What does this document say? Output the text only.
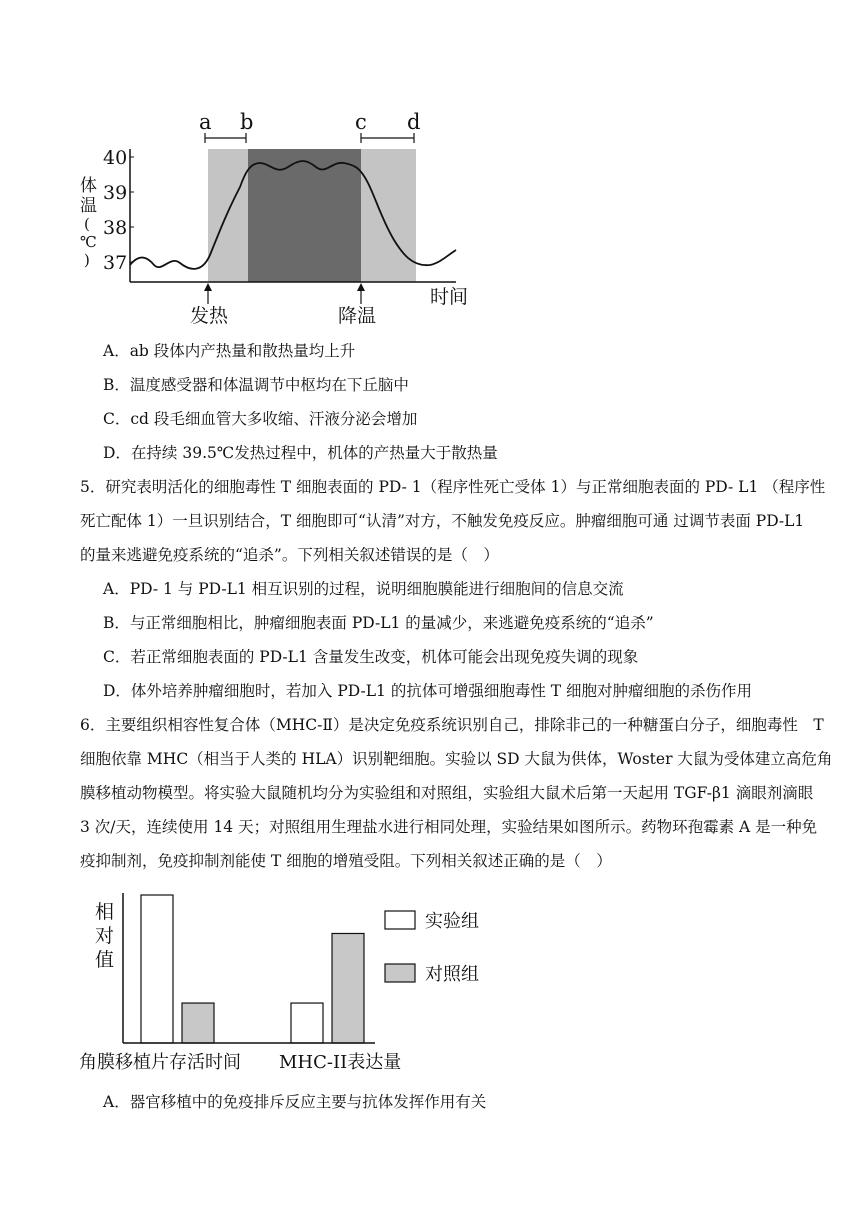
40
39
38
37
体
温
(
℃
)
a b	c d
发热	降温
时间
A．ab 段体内产热量和散热量均上升
B．温度感受器和体温调节中枢均在下丘脑中
C．cd 段毛细血管大多收缩、汗液分泌会增加
D．在持续 39.5℃发热过程中，机体的产热量大于散热量
5．研究表明活化的细胞毒性 T 细胞表面的 PD- 1（程序性死亡受体 1）与正常细胞表面的 PD- L1 （程序性
死亡配体 1）一旦识别结合，T 细胞即可“认清”对方，不触发免疫反应。肿瘤细胞可通 过调节表面 PD-L1
的量来逃避免疫系统的“追杀”。下列相关叙述错误的是（　）
A．PD- 1 与 PD-L1 相互识别的过程，说明细胞膜能进行细胞间的信息交流
B．与正常细胞相比，肿瘤细胞表面 PD-L1 的量减少，来逃避免疫系统的“追杀”
C．若正常细胞表面的 PD-L1 含量发生改变，机体可能会出现免疫失调的现象
D．体外培养肿瘤细胞时，若加入 PD-L1 的抗体可增强细胞毒性 T 细胞对肿瘤细胞的杀伤作用
6．主要组织相容性复合体（MHC-Ⅱ）是决定免疫系统识别自己，排除非己的一种糖蛋白分子，细胞毒性　T
细胞依靠 MHC（相当于人类的 HLA）识别靶细胞。实验以 SD 大鼠为供体，Woster 大鼠为受体建立高危角
膜移植动物模型。将实验大鼠随机均分为实验组和对照组，实验组大鼠术后第一天起用 TGF-β1 滴眼剂滴眼
3 次/天，连续使用 14 天；对照组用生理盐水进行相同处理，实验结果如图所示。药物环孢霉素 A 是一种免
疫抑制剂，免疫抑制剂能使 T 细胞的增殖受阻。下列相关叙述正确的是（　）
相
对
值
角膜移植片存活时间 MHC-II表达量
实验组
对照组
A．器官移植中的免疫排斥反应主要与抗体发挥作用有关
